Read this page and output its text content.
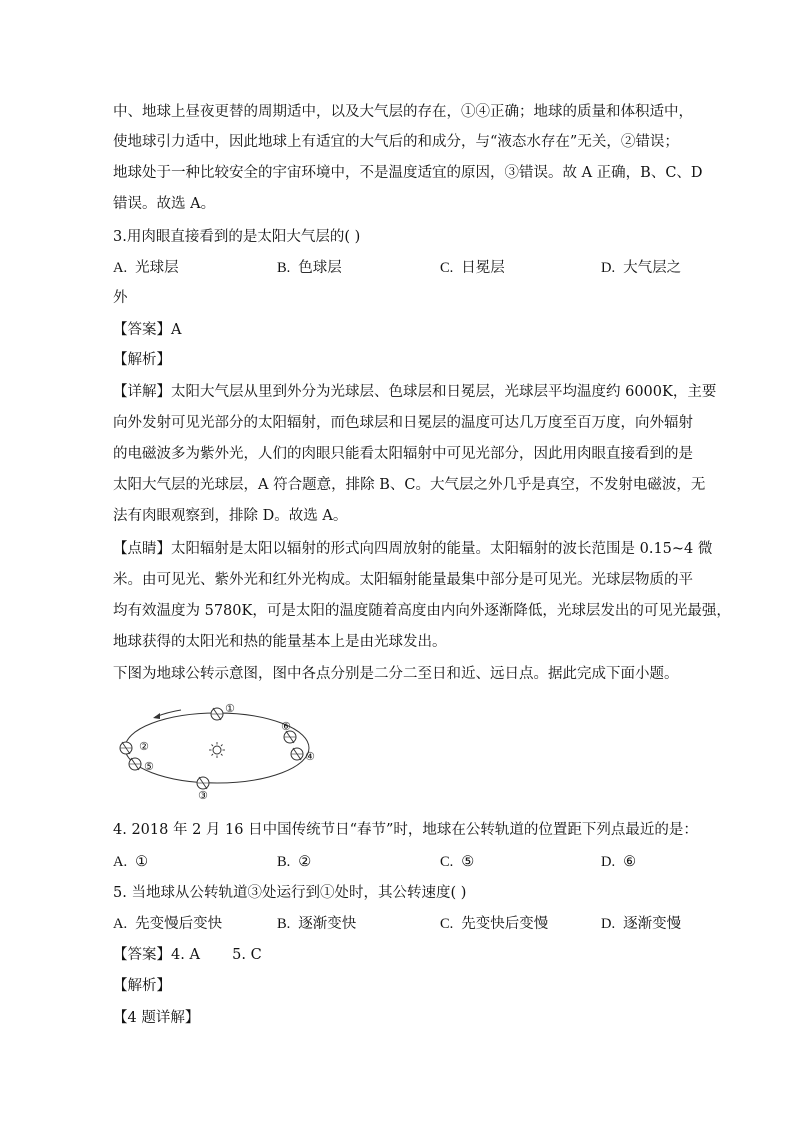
中、地球上昼夜更替的周期适中，以及大气层的存在，①④正确；地球的质量和体积适中，
使地球引力适中，因此地球上有适宜的大气后的和成分，与“液态水存在”无关，②错误；
地球处于一种比较安全的宇宙环境中，不是温度适宜的原因，③错误。故 A 正确，B、C、D
错误。故选 A。
3.用肉眼直接看到的是太阳大气层的( )
A. 光球层	B. 色球层	C. 日冕层	D. 大气层之
外
【答案】A
【解析】
【详解】太阳大气层从里到外分为光球层、色球层和日冕层，光球层平均温度约 6000K，主要
向外发射可见光部分的太阳辐射，而色球层和日冕层的温度可达几万度至百万度，向外辐射
的电磁波多为紫外光，人们的肉眼只能看太阳辐射中可见光部分，因此用肉眼直接看到的是
太阳大气层的光球层，A 符合题意，排除 B、C。大气层之外几乎是真空，不发射电磁波，无
法有肉眼观察到，排除 D。故选 A。
【点睛】太阳辐射是太阳以辐射的形式向四周放射的能量。太阳辐射的波长范围是 0.15~4 微
米。由可见光、紫外光和红外光构成。太阳辐射能量最集中部分是可见光。光球层物质的平
均有效温度为 5780K，可是太阳的温度随着高度由内向外逐渐降低，光球层发出的可见光最强，
地球获得的太阳光和热的能量基本上是由光球发出。
下图为地球公转示意图，图中各点分别是二分二至日和近、远日点。据此完成下面小题。
①
②
③
④
⑤
⑥
4. 2018 年 2 月 16 日中国传统节日“春节”时，地球在公转轨道的位置距下列点最近的是：
A. ①	B. ②	C. ⑤	D. ⑥
5. 当地球从公转轨道③处运行到①处时，其公转速度( )
A. 先变慢后变快	B. 逐渐变快	C. 先变快后变慢	D. 逐渐变慢
【答案】4. A       5. C
【解析】
【4 题详解】
